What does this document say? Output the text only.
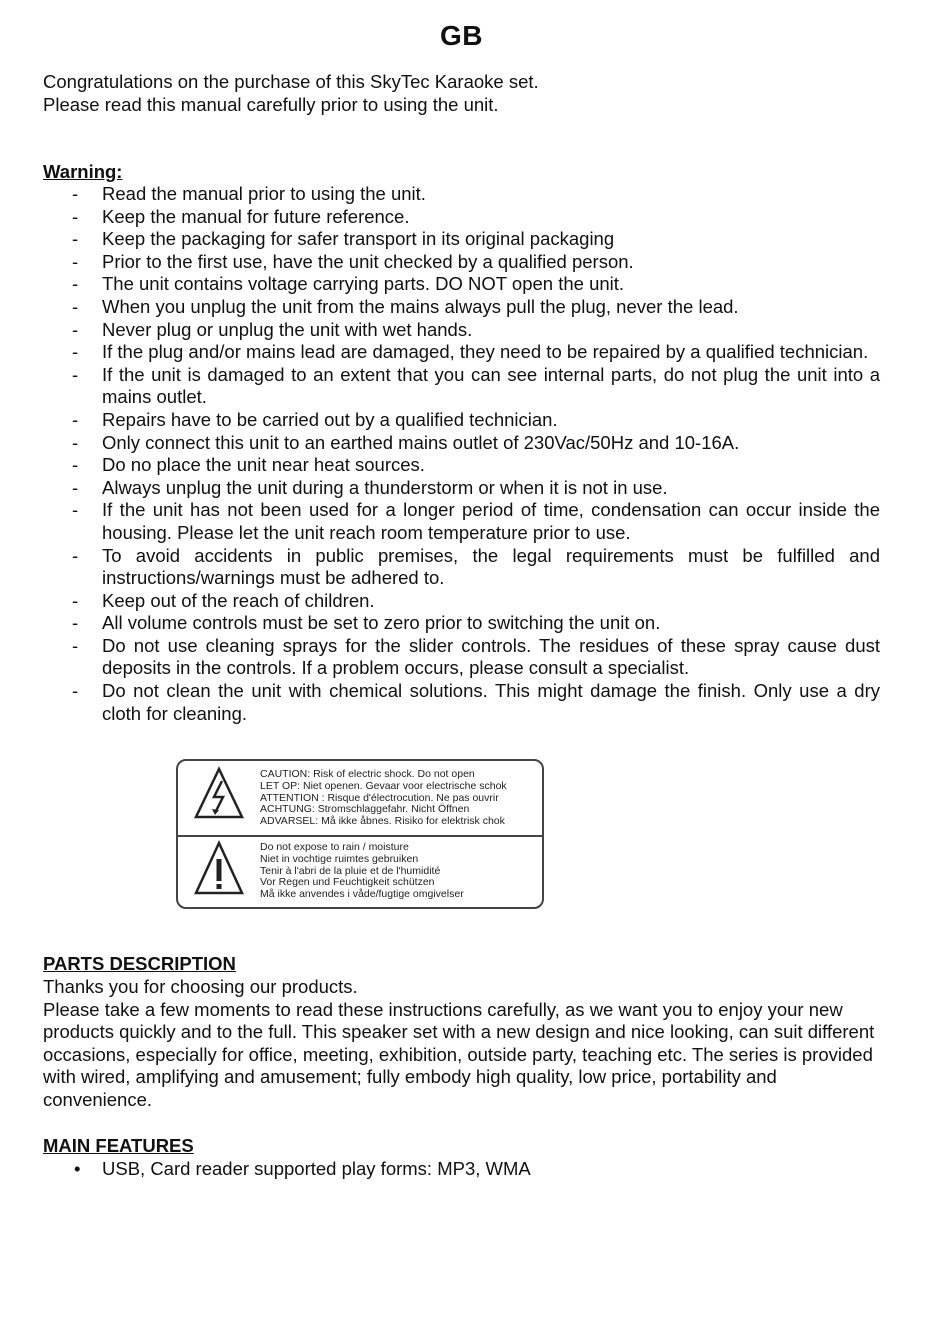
GB
Congratulations on the purchase of this SkyTec Karaoke set.
Please read this manual carefully prior to using the unit.
Warning:
- Read the manual prior to using the unit.
- Keep the manual for future reference.
- Keep the packaging for safer transport in its original packaging
- Prior to the first use, have the unit checked by a qualified person.
- The unit contains voltage carrying parts. DO NOT open the unit.
- When you unplug the unit from the mains always pull the plug, never the lead.
- Never plug or unplug the unit with wet hands.
- If the plug and/or mains lead are damaged, they need to be repaired by a qualified technician.
- If the unit is damaged to an extent that you can see internal parts, do not plug the unit into a mains outlet.
- Repairs have to be carried out by a qualified technician.
- Only connect this unit to an earthed mains outlet of 230Vac/50Hz and 10-16A.
- Do no place the unit near heat sources.
- Always unplug the unit during a thunderstorm or when it is not in use.
- If the unit has not been used for a longer period of time, condensation can occur inside the housing. Please let the unit reach room temperature prior to use.
- To avoid accidents in public premises, the legal requirements must be fulfilled and instructions/warnings must be adhered to.
- Keep out of the reach of children.
- All volume controls must be set to zero prior to switching the unit on.
- Do not use cleaning sprays for the slider controls. The residues of these spray cause dust deposits in the controls. If a problem occurs, please consult a specialist.
- Do not clean the unit with chemical solutions. This might damage the finish. Only use a dry cloth for cleaning.
CAUTION: Risk of electric shock. Do not open
LET OP: Niet openen. Gevaar voor electrische schok
ATTENTION : Risque d'électrocution. Ne pas ouvrir
ACHTUNG: Stromschlaggefahr. Nicht Öffnen
ADVARSEL: Må ikke åbnes. Risiko for elektrisk chok
Do not expose to rain / moisture
Niet in vochtige ruimtes gebruiken
Tenir à l'abri de la pluie et de l'humidité
Vor Regen und Feuchtigkeit schützen
Må ikke anvendes i våde/fugtige omgivelser
PARTS DESCRIPTION

Thanks you for choosing our products.

Please take a few moments to read these instructions carefully, as we want you to enjoy your new products quickly and to the full. This speaker set with a new design and nice looking, can suit different occasions, especially for office, meeting, exhibition, outside party, teaching etc. The series is provided with wired, amplifying and amusement; fully embody high quality, low price, portability and convenience.

MAIN FEATURES
• USB, Card reader supported play forms: MP3, WMA
